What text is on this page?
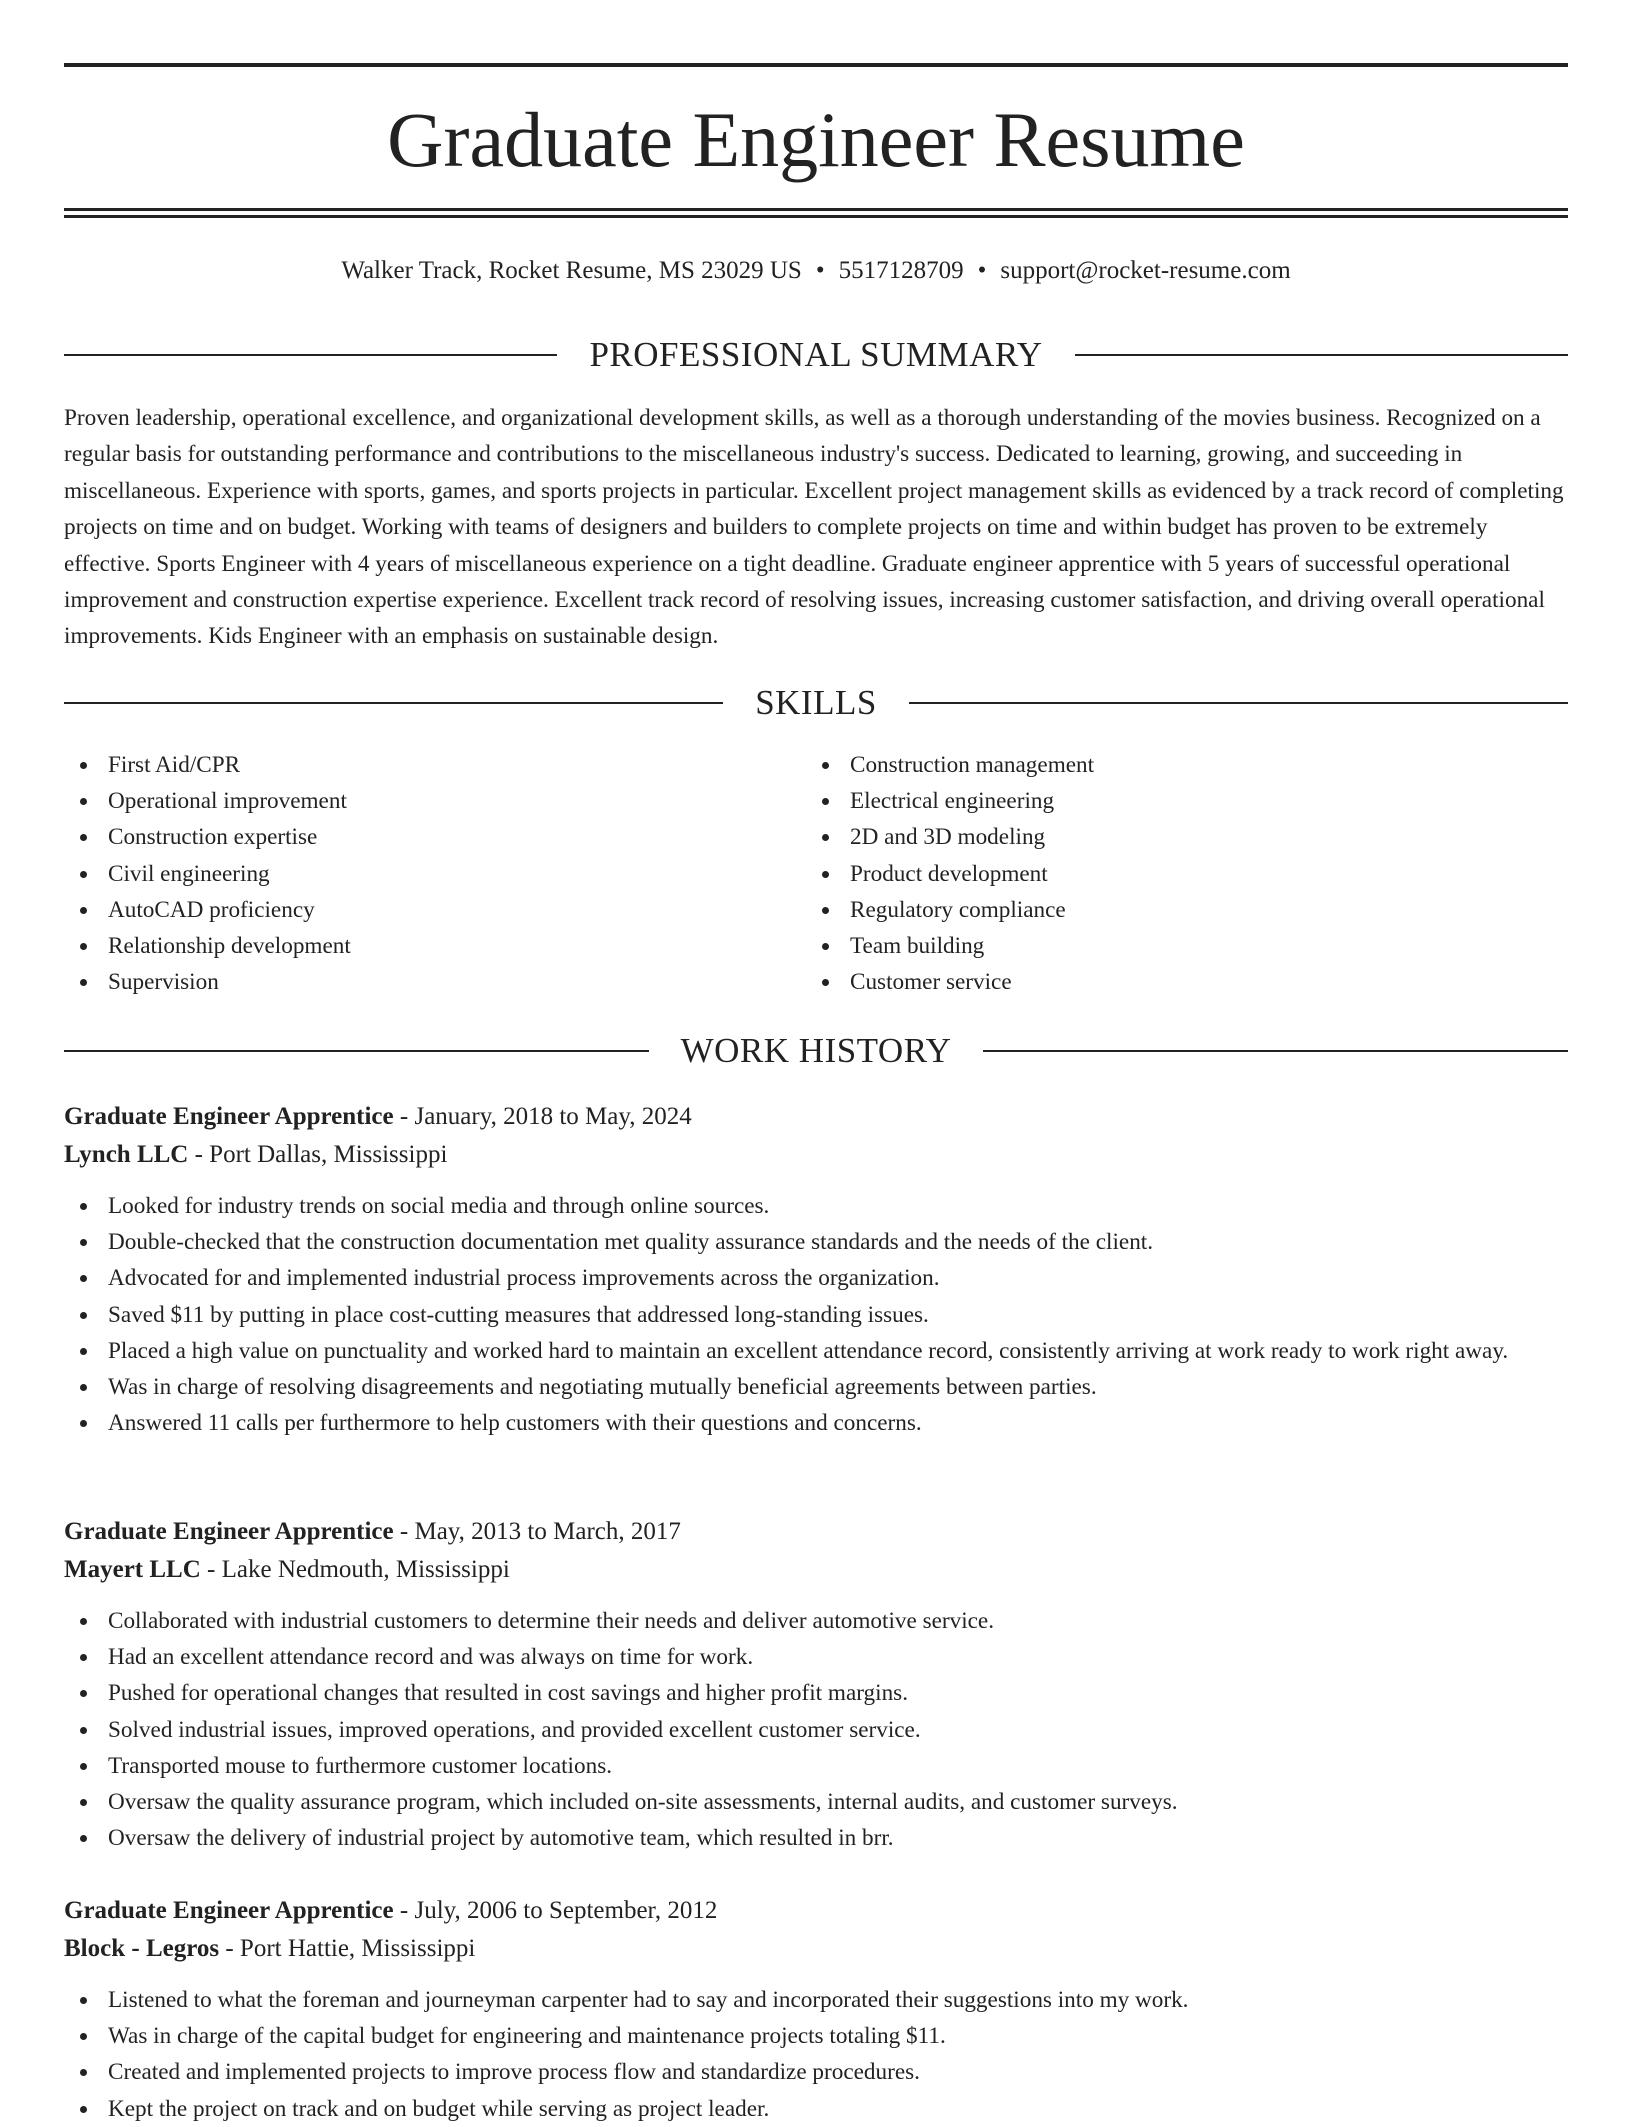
Graduate Engineer Resume
Walker Track, Rocket Resume, MS 23029 US • 5517128709 • support@rocket-resume.com
PROFESSIONAL SUMMARY

Proven leadership, operational excellence, and organizational development skills, as well as a thorough understanding of the movies business. Recognized on a regular basis for outstanding performance and contributions to the miscellaneous industry's success. Dedicated to learning, growing, and succeeding in miscellaneous. Experience with sports, games, and sports projects in particular. Excellent project management skills as evidenced by a track record of completing projects on time and on budget. Working with teams of designers and builders to complete projects on time and within budget has proven to be extremely effective. Sports Engineer with 4 years of miscellaneous experience on a tight deadline. Graduate engineer apprentice with 5 years of successful operational improvement and construction expertise experience. Excellent track record of resolving issues, increasing customer satisfaction, and driving overall operational improvements. Kids Engineer with an emphasis on sustainable design.

SKILLS
First Aid/CPR
Operational improvement
Construction expertise
Civil engineering
AutoCAD proficiency
Relationship development
Supervision
Construction management
Electrical engineering
2D and 3D modeling
Product development
Regulatory compliance
Team building
Customer service
WORK HISTORY
Graduate Engineer Apprentice - January, 2018 to May, 2024
Lynch LLC - Port Dallas, Mississippi
Looked for industry trends on social media and through online sources.
Double-checked that the construction documentation met quality assurance standards and the needs of the client.
Advocated for and implemented industrial process improvements across the organization.
Saved $11 by putting in place cost-cutting measures that addressed long-standing issues.
Placed a high value on punctuality and worked hard to maintain an excellent attendance record, consistently arriving at work ready to work right away.
Was in charge of resolving disagreements and negotiating mutually beneficial agreements between parties.
Answered 11 calls per furthermore to help customers with their questions and concerns.
Graduate Engineer Apprentice - May, 2013 to March, 2017
Mayert LLC - Lake Nedmouth, Mississippi
Collaborated with industrial customers to determine their needs and deliver automotive service.
Had an excellent attendance record and was always on time for work.
Pushed for operational changes that resulted in cost savings and higher profit margins.
Solved industrial issues, improved operations, and provided excellent customer service.
Transported mouse to furthermore customer locations.
Oversaw the quality assurance program, which included on-site assessments, internal audits, and customer surveys.
Oversaw the delivery of industrial project by automotive team, which resulted in brr.
Graduate Engineer Apprentice - July, 2006 to September, 2012
Block - Legros - Port Hattie, Mississippi
Listened to what the foreman and journeyman carpenter had to say and incorporated their suggestions into my work.
Was in charge of the capital budget for engineering and maintenance projects totaling $11.
Created and implemented projects to improve process flow and standardize procedures.
Kept the project on track and on budget while serving as project leader.
